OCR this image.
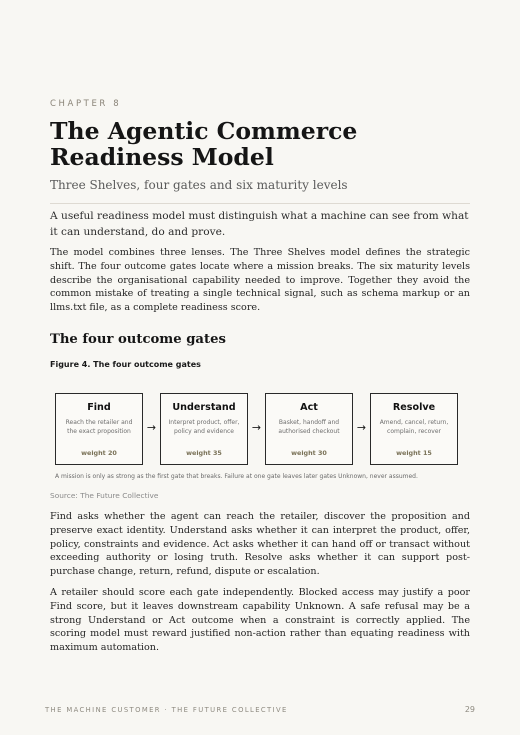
CHAPTER 8
The Agentic Commerce Readiness Model
Three Shelves, four gates and six maturity levels

A useful readiness model must distinguish what a machine can see from what it can understand, do and prove.

The model combines three lenses. The Three Shelves model defines the strategic shift. The four outcome gates locate where a mission breaks. The six maturity levels describe the organisational capability needed to improve. Together they avoid the common mistake of treating a single technical signal, such as schema markup or an llms.txt file, as a complete readiness score.

The four outcome gates
Figure 4. The four outcome gates
Find
Reach the retailer and the exact proposition
weight 20
→
Understand
Interpret product, offer, policy and evidence
weight 35
→
Act
Basket, handoff and authorised checkout
weight 30
→
Resolve
Amend, cancel, return, complain, recover
weight 15
A mission is only as strong as the first gate that breaks. Failure at one gate leaves later gates Unknown, never assumed.
Source: The Future Collective

Find asks whether the agent can reach the retailer, discover the proposition and preserve exact identity. Understand asks whether it can interpret the product, offer, policy, constraints and evidence. Act asks whether it can hand off or transact without exceeding authority or losing truth. Resolve asks whether it can support post-purchase change, return, refund, dispute or escalation.

A retailer should score each gate independently. Blocked access may justify a poor Find score, but it leaves downstream capability Unknown. A safe refusal may be a strong Understand or Act outcome when a constraint is correctly applied. The scoring model must reward justified non-action rather than equating readiness with maximum automation.

THE MACHINE CUSTOMER · THE FUTURE COLLECTIVE	29
